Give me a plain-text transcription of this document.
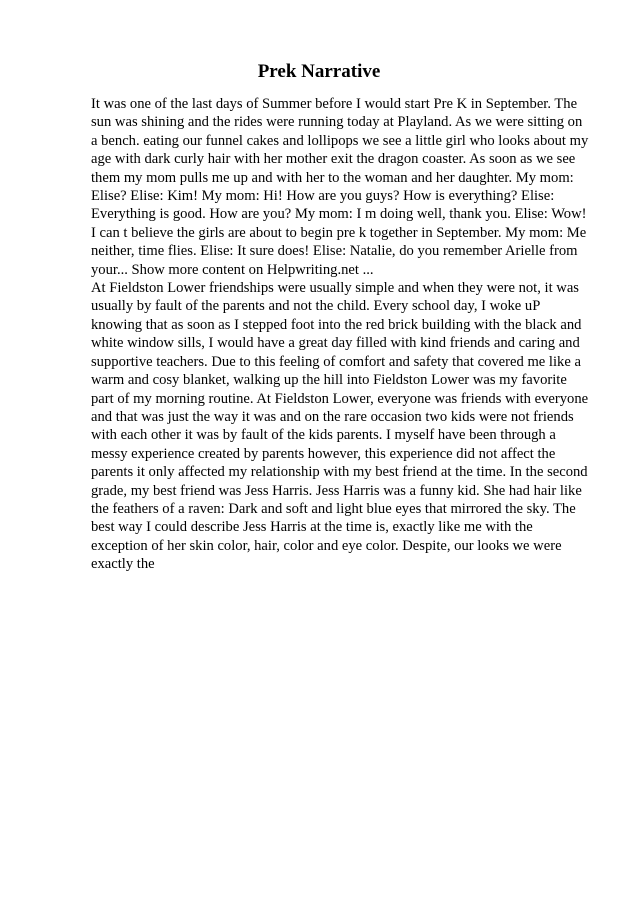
Prek Narrative

It was one of the last days of Summer before I would start Pre K in September. The sun was shining and the rides were running today at Playland. As we were sitting on a bench. eating our funnel cakes and lollipops we see a little girl who looks about my age with dark curly hair with her mother exit the dragon coaster. As soon as we see them my mom pulls me up and with her to the woman and her daughter. My mom: Elise? Elise: Kim! My mom: Hi! How are you guys? How is everything? Elise: Everything is good. How are you? My mom: I m doing well, thank you. Elise: Wow! I can t believe the girls are about to begin pre k together in September. My mom: Me neither, time flies. Elise: It sure does! Elise: Natalie, do you remember Arielle from your... Show more content on Helpwriting.net ...

At Fieldston Lower friendships were usually simple and when they were not, it was usually by fault of the parents and not the child. Every school day, I woke uP knowing that as soon as I stepped foot into the red brick building with the black and white window sills, I would have a great day filled with kind friends and caring and supportive teachers. Due to this feeling of comfort and safety that covered me like a warm and cosy blanket, walking up the hill into Fieldston Lower was my favorite part of my morning routine. At Fieldston Lower, everyone was friends with everyone and that was just the way it was and on the rare occasion two kids were not friends with each other it was by fault of the kids parents. I myself have been through a messy experience created by parents however, this experience did not affect the parents it only affected my relationship with my best friend at the time. In the second grade, my best friend was Jess Harris. Jess Harris was a funny kid. She had hair like the feathers of a raven: Dark and soft and light blue eyes that mirrored the sky. The best way I could describe Jess Harris at the time is, exactly like me with the exception of her skin color, hair, color and eye color. Despite, our looks we were exactly the
